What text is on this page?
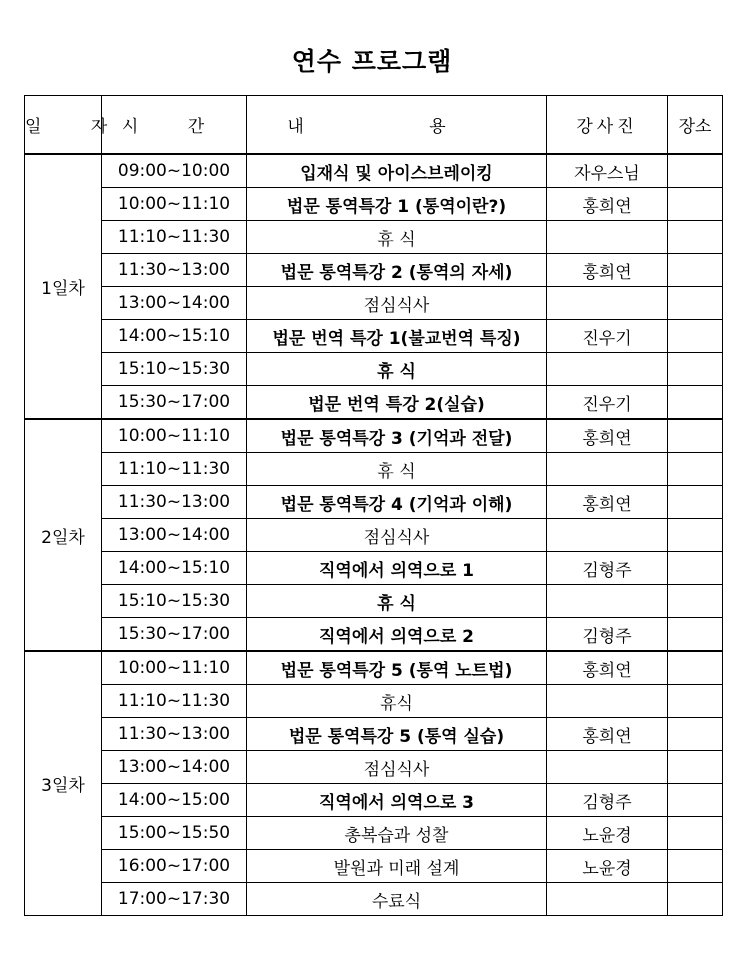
연수 프로그램
일 자	시 간	내 용	강사진	장소
1일차	09:00~10:00	입재식 및 아이스브레이킹	자우스님	
	10:00~11:10	법문 통역특강 1 (통역이란?)	홍희연	
	11:10~11:30	휴 식		
	11:30~13:00	법문 통역특강 2 (통역의 자세)	홍희연	
	13:00~14:00	점심식사		
	14:00~15:10	법문 번역 특강 1(불교번역 특징)	진우기	
	15:10~15:30	휴 식		
	15:30~17:00	법문 번역 특강 2(실습)	진우기	
2일차	10:00~11:10	법문 통역특강 3 (기억과 전달)	홍희연	
	11:10~11:30	휴 식		
	11:30~13:00	법문 통역특강 4 (기억과 이해)	홍희연	
	13:00~14:00	점심식사		
	14:00~15:10	직역에서 의역으로 1	김형주	
	15:10~15:30	휴 식		
	15:30~17:00	직역에서 의역으로 2	김형주	
3일차	10:00~11:10	법문 통역특강 5 (통역 노트법)	홍희연	
	11:10~11:30	휴식		
	11:30~13:00	법문 통역특강 5 (통역 실습)	홍희연	
	13:00~14:00	점심식사		
	14:00~15:00	직역에서 의역으로 3	김형주	
	15:00~15:50	총복습과 성찰	노윤경	
	16:00~17:00	발원과 미래 설계	노윤경	
	17:00~17:30	수료식		
